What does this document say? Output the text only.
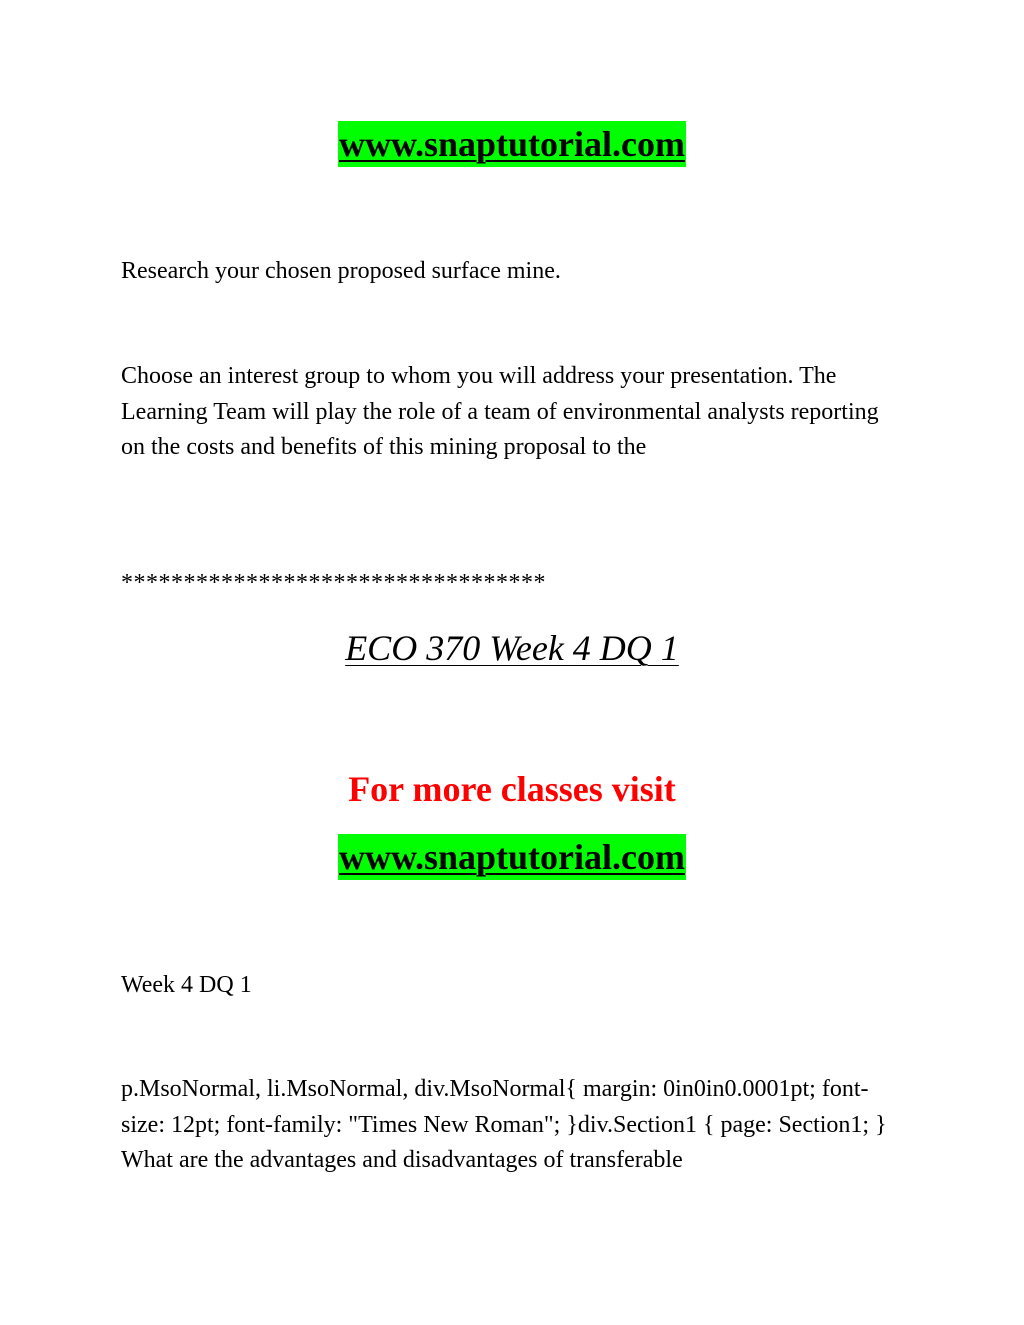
www.snaptutorial.com

Research your chosen proposed surface mine.

Choose an interest group to whom you will address your presentation. The Learning Team will play the role of a team of environmental analysts reporting on the costs and benefits of this mining proposal to the

**********************************

ECO 370 Week 4 DQ 1
For more classes visit
www.snaptutorial.com

Week 4 DQ 1

p.MsoNormal, li.MsoNormal, div.MsoNormal{ margin: 0in0in0.0001pt; font-size: 12pt; font-family: "Times New Roman"; }div.Section1 { page: Section1; } What are the advantages and disadvantages of transferable
